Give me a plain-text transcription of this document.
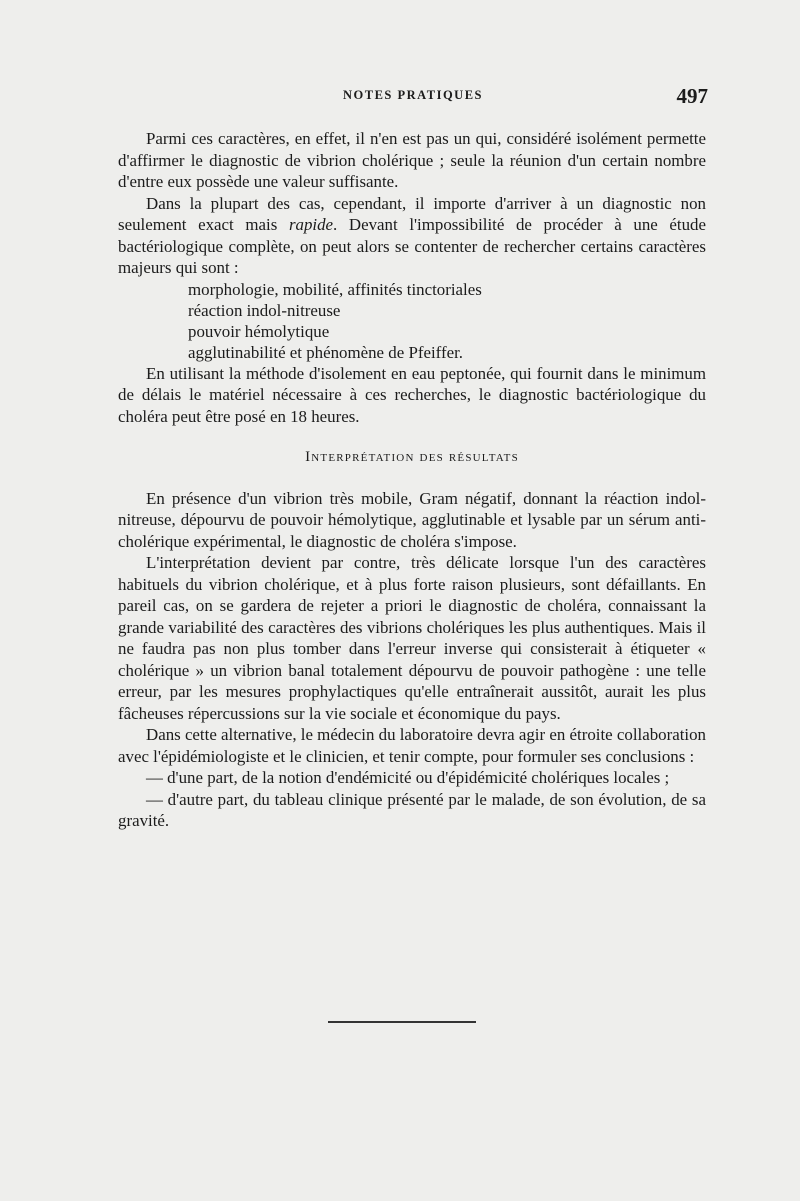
NOTES PRATIQUES	497

Parmi ces caractères, en effet, il n'en est pas un qui, considéré isolément permette d'affirmer le diagnostic de vibrion cholérique ; seule la réunion d'un certain nombre d'entre eux possède une valeur suffisante.

Dans la plupart des cas, cependant, il importe d'arriver à un diagnostic non seulement exact mais rapide. Devant l'impossibilité de procéder à une étude bactériologique complète, on peut alors se contenter de rechercher certains caractères majeurs qui sont :

morphologie, mobilité, affinités tinctoriales
réaction indol-nitreuse
pouvoir hémolytique
agglutinabilité et phénomène de Pfeiffer.

En utilisant la méthode d'isolement en eau peptonée, qui fournit dans le minimum de délais le matériel nécessaire à ces recherches, le diagnostic bactériologique du choléra peut être posé en 18 heures.

Interprétation des résultats

En présence d'un vibrion très mobile, Gram négatif, donnant la réaction indol-nitreuse, dépourvu de pouvoir hémolytique, agglutinable et lysable par un sérum anti-cholérique expérimental, le diagnostic de choléra s'impose.

L'interprétation devient par contre, très délicate lorsque l'un des caractères habituels du vibrion cholérique, et à plus forte raison plusieurs, sont défaillants. En pareil cas, on se gardera de rejeter a priori le diagnostic de choléra, connaissant la grande variabilité des caractères des vibrions cholériques les plus authentiques. Mais il ne faudra pas non plus tomber dans l'erreur inverse qui consisterait à étiqueter « cholérique » un vibrion banal totalement dépourvu de pouvoir pathogène : une telle erreur, par les mesures prophylactiques qu'elle entraînerait aussitôt, aurait les plus fâcheuses répercussions sur la vie sociale et économique du pays.

Dans cette alternative, le médecin du laboratoire devra agir en étroite collaboration avec l'épidémiologiste et le clinicien, et tenir compte, pour formuler ses conclusions :

— d'une part, de la notion d'endémicité ou d'épidémicité cholériques locales ;

— d'autre part, du tableau clinique présenté par le malade, de son évolution, de sa gravité.
